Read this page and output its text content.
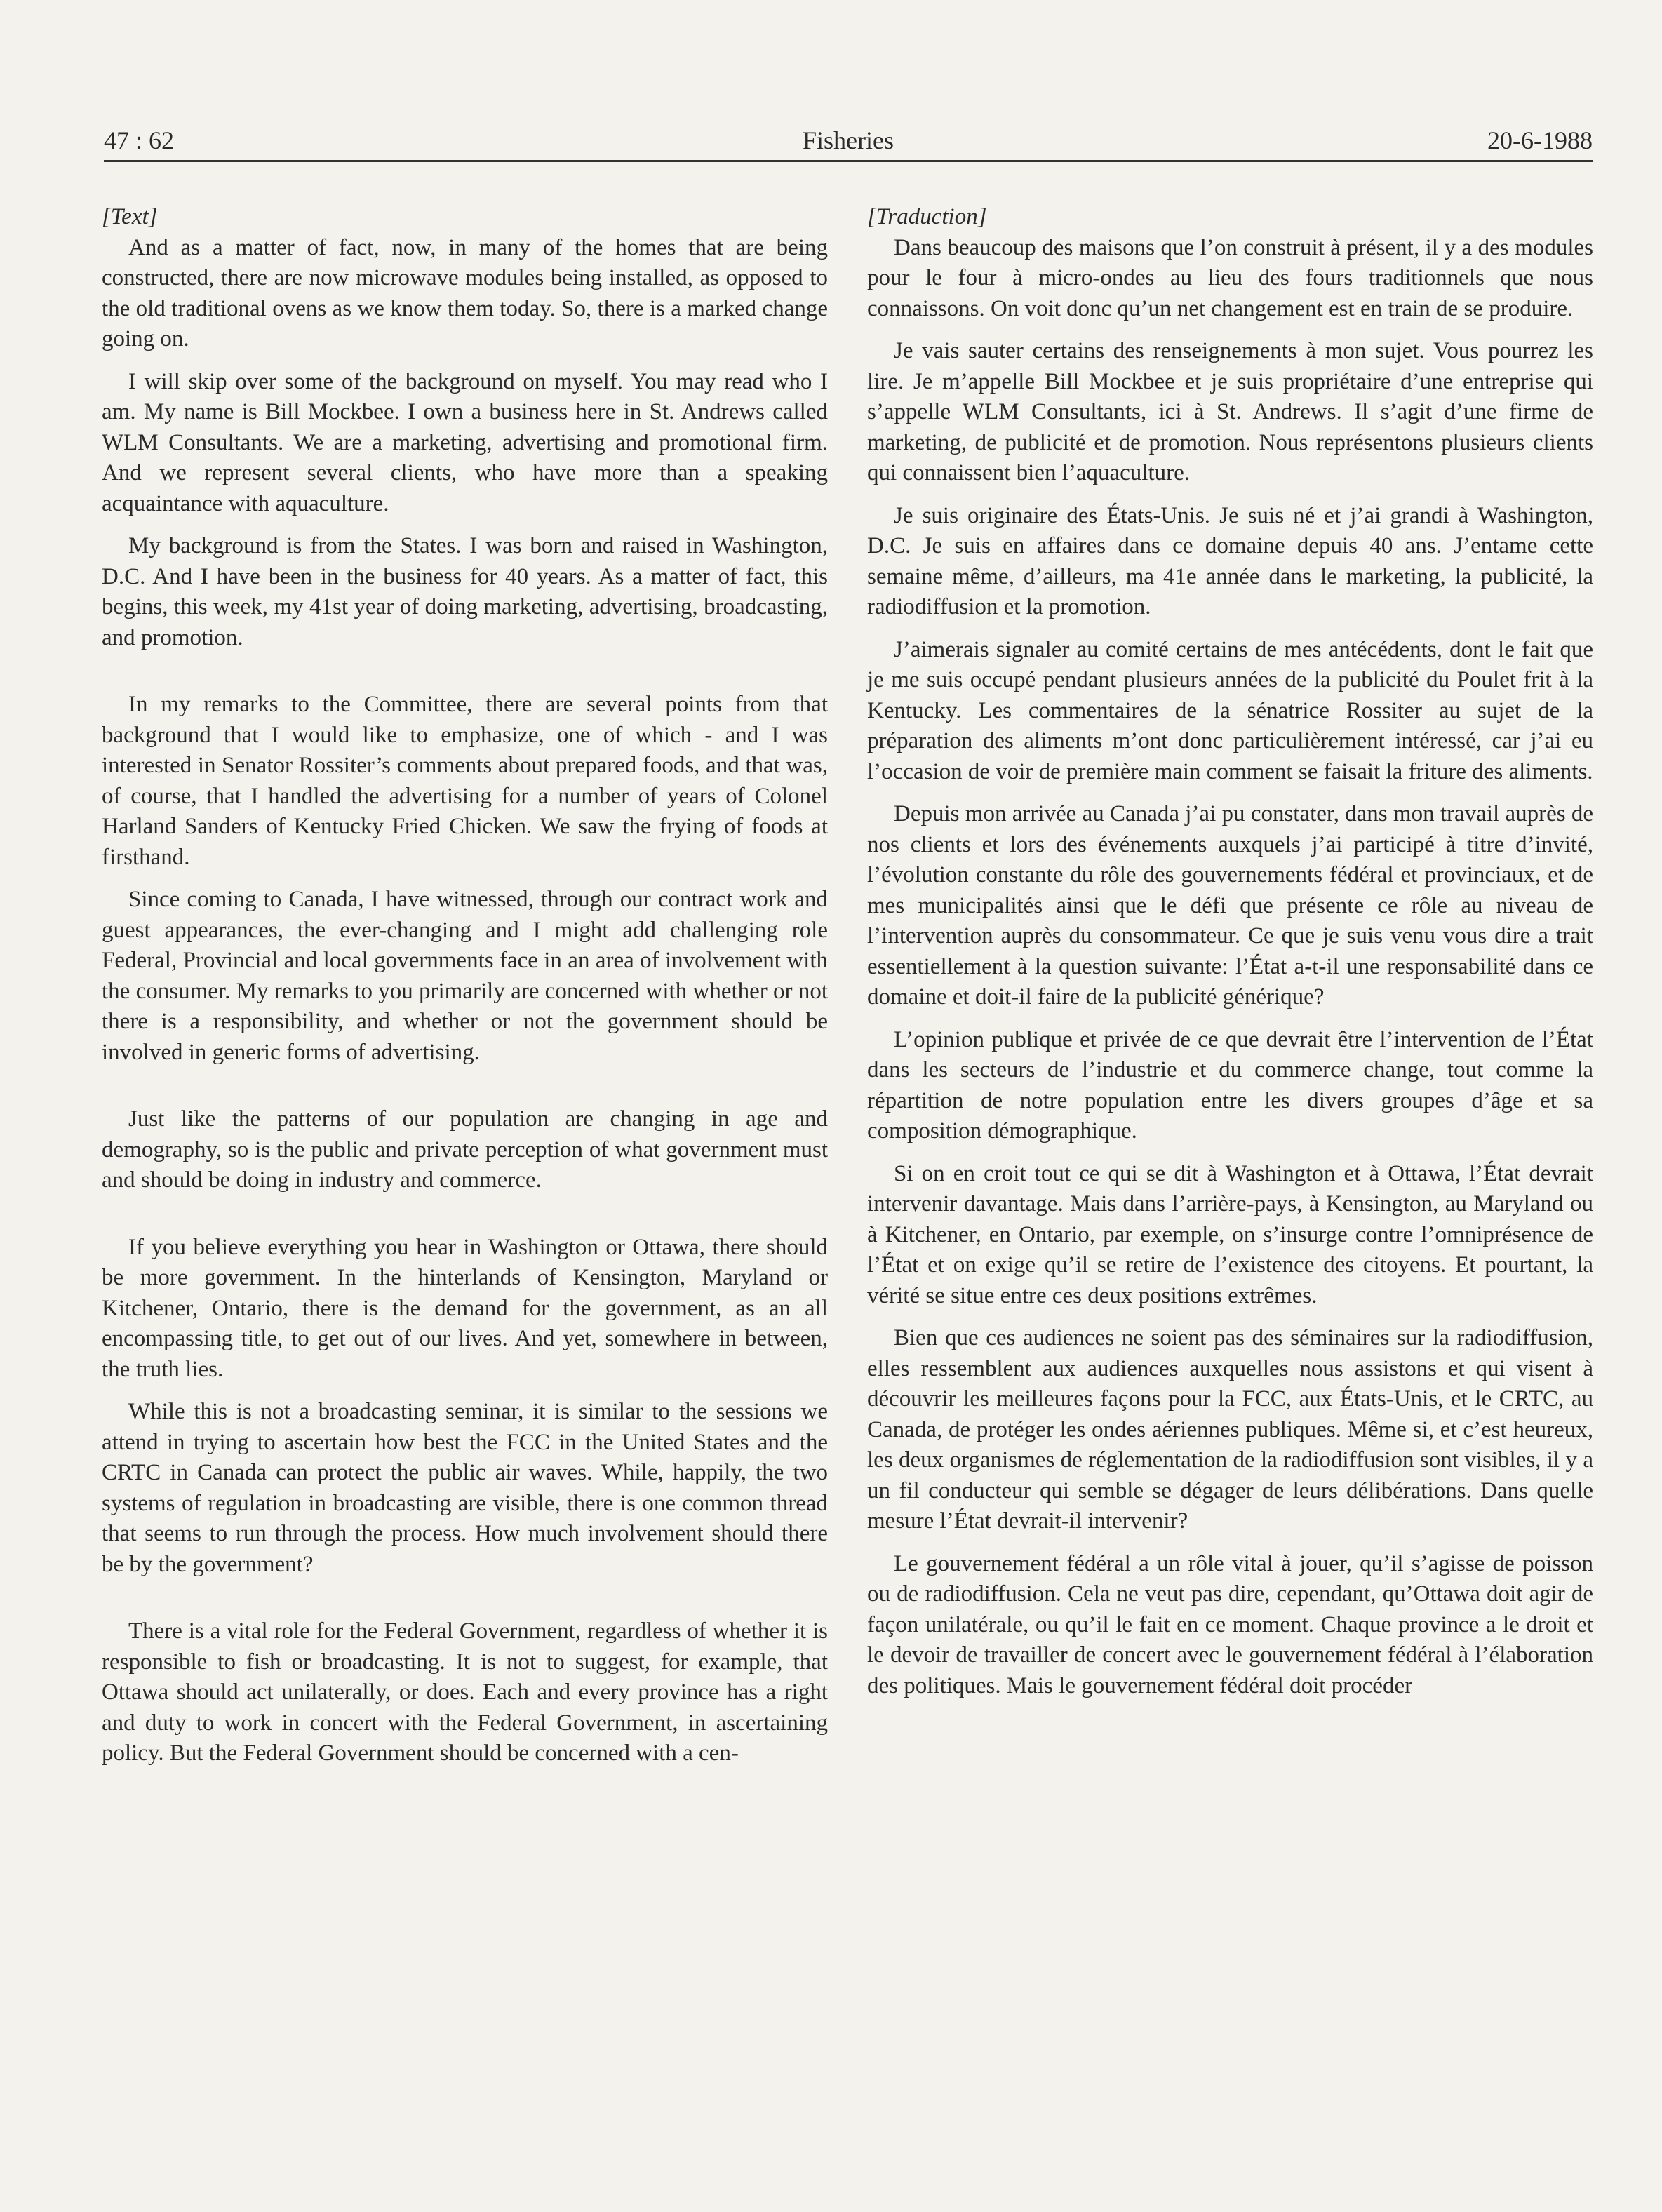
47 : 62	Fisheries	20-6-1988

[Text]

And as a matter of fact, now, in many of the homes that are being constructed, there are now microwave modules being installed, as opposed to the old traditional ovens as we know them today. So, there is a marked change going on.

I will skip over some of the background on myself. You may read who I am. My name is Bill Mockbee. I own a business here in St. Andrews called WLM Consultants. We are a marketing, advertising and promotional firm. And we represent several clients, who have more than a speaking acquaintance with aquaculture.

My background is from the States. I was born and raised in Washington, D.C. And I have been in the business for 40 years. As a matter of fact, this begins, this week, my 41st year of doing marketing, advertising, broadcasting, and promotion.

In my remarks to the Committee, there are several points from that background that I would like to emphasize, one of which - and I was interested in Senator Rossiter’s comments about prepared foods, and that was, of course, that I handled the advertising for a number of years of Colonel Harland Sanders of Kentucky Fried Chicken. We saw the frying of foods at firsthand.

Since coming to Canada, I have witnessed, through our contract work and guest appearances, the ever-changing and I might add challenging role Federal, Provincial and local governments face in an area of involvement with the consumer. My remarks to you primarily are concerned with whether or not there is a responsibility, and whether or not the government should be involved in generic forms of advertising.

Just like the patterns of our population are changing in age and demography, so is the public and private perception of what government must and should be doing in industry and commerce.

If you believe everything you hear in Washington or Ottawa, there should be more government. In the hinterlands of Kensington, Maryland or Kitchener, Ontario, there is the demand for the government, as an all encompassing title, to get out of our lives. And yet, somewhere in between, the truth lies.

While this is not a broadcasting seminar, it is similar to the sessions we attend in trying to ascertain how best the FCC in the United States and the CRTC in Canada can protect the public air waves. While, happily, the two systems of regulation in broadcasting are visible, there is one common thread that seems to run through the process. How much involvement should there be by the government?

There is a vital role for the Federal Government, regardless of whether it is responsible to fish or broadcasting. It is not to suggest, for example, that Ottawa should act unilaterally, or does. Each and every province has a right and duty to work in concert with the Federal Government, in ascertaining policy. But the Federal Government should be concerned with a cen-

[Traduction]

Dans beaucoup des maisons que l’on construit à présent, il y a des modules pour le four à micro-ondes au lieu des fours traditionnels que nous connaissons. On voit donc qu’un net changement est en train de se produire.

Je vais sauter certains des renseignements à mon sujet. Vous pourrez les lire. Je m’appelle Bill Mockbee et je suis propriétaire d’une entreprise qui s’appelle WLM Consultants, ici à St. Andrews. Il s’agit d’une firme de marketing, de publicité et de promotion. Nous représentons plusieurs clients qui connaissent bien l’aquaculture.

Je suis originaire des États-Unis. Je suis né et j’ai grandi à Washington, D.C. Je suis en affaires dans ce domaine depuis 40 ans. J’entame cette semaine même, d’ailleurs, ma 41e année dans le marketing, la publicité, la radiodiffusion et la promotion.

J’aimerais signaler au comité certains de mes antécédents, dont le fait que je me suis occupé pendant plusieurs années de la publicité du Poulet frit à la Kentucky. Les commentaires de la sénatrice Rossiter au sujet de la préparation des aliments m’ont donc particulièrement intéressé, car j’ai eu l’occasion de voir de première main comment se faisait la friture des aliments.

Depuis mon arrivée au Canada j’ai pu constater, dans mon travail auprès de nos clients et lors des événements auxquels j’ai participé à titre d’invité, l’évolution constante du rôle des gouvernements fédéral et provinciaux, et de mes municipalités ainsi que le défi que présente ce rôle au niveau de l’intervention auprès du consommateur. Ce que je suis venu vous dire a trait essentiellement à la question suivante: l’État a-t-il une responsabilité dans ce domaine et doit-il faire de la publicité générique?

L’opinion publique et privée de ce que devrait être l’intervention de l’État dans les secteurs de l’industrie et du commerce change, tout comme la répartition de notre population entre les divers groupes d’âge et sa composition démographique.

Si on en croit tout ce qui se dit à Washington et à Ottawa, l’État devrait intervenir davantage. Mais dans l’arrière-pays, à Kensington, au Maryland ou à Kitchener, en Ontario, par exemple, on s’insurge contre l’omniprésence de l’État et on exige qu’il se retire de l’existence des citoyens. Et pourtant, la vérité se situe entre ces deux positions extrêmes.

Bien que ces audiences ne soient pas des séminaires sur la radiodiffusion, elles ressemblent aux audiences auxquelles nous assistons et qui visent à découvrir les meilleures façons pour la FCC, aux États-Unis, et le CRTC, au Canada, de protéger les ondes aériennes publiques. Même si, et c’est heureux, les deux organismes de réglementation de la radiodiffusion sont visibles, il y a un fil conducteur qui semble se dégager de leurs délibérations. Dans quelle mesure l’État devrait-il intervenir?

Le gouvernement fédéral a un rôle vital à jouer, qu’il s’agisse de poisson ou de radiodiffusion. Cela ne veut pas dire, cependant, qu’Ottawa doit agir de façon unilatérale, ou qu’il le fait en ce moment. Chaque province a le droit et le devoir de travailler de concert avec le gouvernement fédéral à l’élaboration des politiques. Mais le gouvernement fédéral doit procéder
